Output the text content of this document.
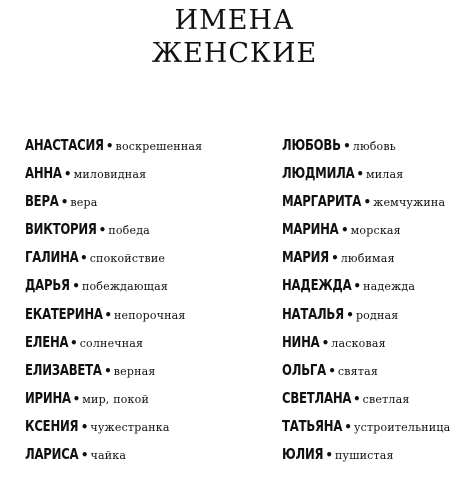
ИМЕНА
ЖЕНСКИЕ
АНАСТАСИЯ • воскрешенная
АННА • миловидная
ВЕРА • вера
ВИКТОРИЯ • победа
ГАЛИНА • спокойствие
ДАРЬЯ • побеждающая
ЕКАТЕРИНА • непорочная
ЕЛЕНА • солнечная
ЕЛИЗАВЕТА • верная
ИРИНА • мир, покой
КСЕНИЯ • чужестранка
ЛАРИСА • чайка
ЛЮБОВЬ • любовь
ЛЮДМИЛА • милая
МАРГАРИТА • жемчужина
МАРИНА • морская
МАРИЯ • любимая
НАДЕЖДА • надежда
НАТАЛЬЯ • родная
НИНА • ласковая
ОЛЬГА • святая
СВЕТЛАНА • светлая
ТАТЬЯНА • устроительница
ЮЛИЯ • пушистая
